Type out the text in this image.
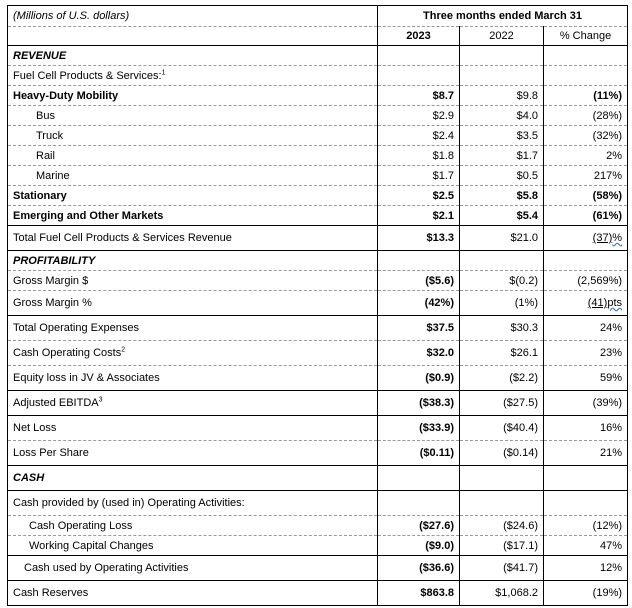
(Millions of U.S. dollars)	Three months ended March 31		
	2023	2022	% Change
REVENUE			
Fuel Cell Products & Services:$^1$			
Heavy-Duty Mobility	$8.7	$9.8	(11%)
Bus	$2.9	$4.0	(28%)
Truck	$2.4	$3.5	(32%)
Rail	$1.8	$1.7	2%
Marine	$1.7	$0.5	217%
Stationary	$2.5	$5.8	(58%)
Emerging and Other Markets	$2.1	$5.4	(61%)
Total Fuel Cell Products & Services Revenue	$13.3	$21.0	(37)%
PROFITABILITY			
Gross Margin $	($5.6)	$(0.2)	(2,569%)
Gross Margin %	(42%)	(1%)	(41)pts
Total Operating Expenses	$37.5	$30.3	24%
Cash Operating Costs$^2$	$32.0	$26.1	23%
Equity loss in JV & Associates	($0.9)	($2.2)	59%
Adjusted EBITDA$^3$	($38.3)	($27.5)	(39%)
Net Loss	($33.9)	($40.4)	16%
Loss Per Share	($0.11)	($0.14)	21%
CASH			
Cash provided by (used in) Operating Activities:			
Cash Operating Loss	($27.6)	($24.6)	(12%)
Working Capital Changes	($9.0)	($17.1)	47%
Cash used by Operating Activities	($36.6)	($41.7)	12%
Cash Reserves	$863.8	$1,068.2	(19%)
